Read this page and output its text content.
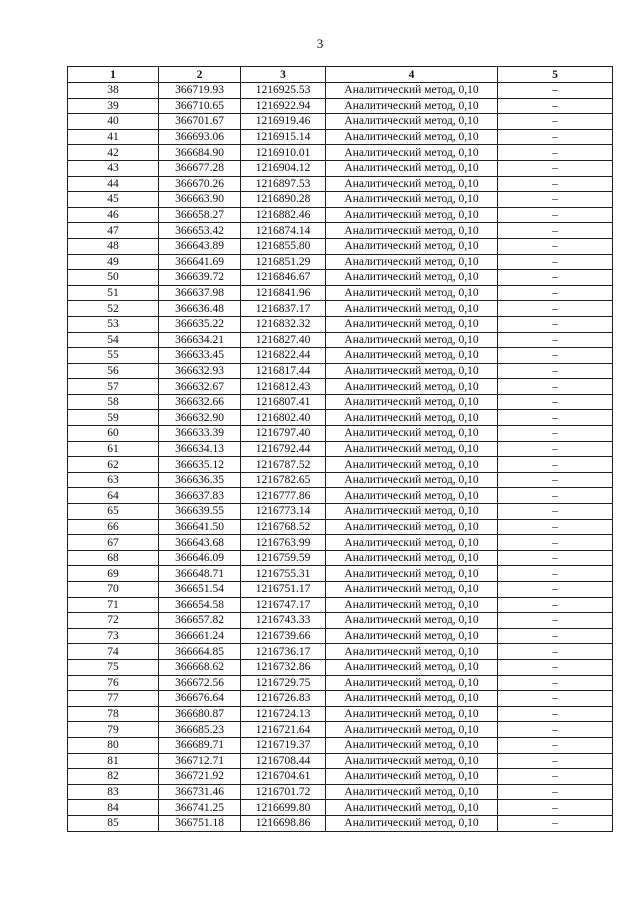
3
1	2	3	4	5
38	366719.93	1216925.53	Аналитический метод, 0,10	–
39	366710.65	1216922.94	Аналитический метод, 0,10	–
40	366701.67	1216919.46	Аналитический метод, 0,10	–
41	366693.06	1216915.14	Аналитический метод, 0,10	–
42	366684.90	1216910.01	Аналитический метод, 0,10	–
43	366677.28	1216904.12	Аналитический метод, 0,10	–
44	366670.26	1216897.53	Аналитический метод, 0,10	–
45	366663.90	1216890.28	Аналитический метод, 0,10	–
46	366658.27	1216882.46	Аналитический метод, 0,10	–
47	366653.42	1216874.14	Аналитический метод, 0,10	–
48	366643.89	1216855.80	Аналитический метод, 0,10	–
49	366641.69	1216851.29	Аналитический метод, 0,10	–
50	366639.72	1216846.67	Аналитический метод, 0,10	–
51	366637.98	1216841.96	Аналитический метод, 0,10	–
52	366636.48	1216837.17	Аналитический метод, 0,10	–
53	366635.22	1216832.32	Аналитический метод, 0,10	–
54	366634.21	1216827.40	Аналитический метод, 0,10	–
55	366633.45	1216822.44	Аналитический метод, 0,10	–
56	366632.93	1216817.44	Аналитический метод, 0,10	–
57	366632.67	1216812.43	Аналитический метод, 0,10	–
58	366632.66	1216807.41	Аналитический метод, 0,10	–
59	366632.90	1216802.40	Аналитический метод, 0,10	–
60	366633.39	1216797.40	Аналитический метод, 0,10	–
61	366634.13	1216792.44	Аналитический метод, 0,10	–
62	366635.12	1216787.52	Аналитический метод, 0,10	–
63	366636.35	1216782.65	Аналитический метод, 0,10	–
64	366637.83	1216777.86	Аналитический метод, 0,10	–
65	366639.55	1216773.14	Аналитический метод, 0,10	–
66	366641.50	1216768.52	Аналитический метод, 0,10	–
67	366643.68	1216763.99	Аналитический метод, 0,10	–
68	366646.09	1216759.59	Аналитический метод, 0,10	–
69	366648.71	1216755.31	Аналитический метод, 0,10	–
70	366651.54	1216751.17	Аналитический метод, 0,10	–
71	366654.58	1216747.17	Аналитический метод, 0,10	–
72	366657.82	1216743.33	Аналитический метод, 0,10	–
73	366661.24	1216739.66	Аналитический метод, 0,10	–
74	366664.85	1216736.17	Аналитический метод, 0,10	–
75	366668.62	1216732.86	Аналитический метод, 0,10	–
76	366672.56	1216729.75	Аналитический метод, 0,10	–
77	366676.64	1216726.83	Аналитический метод, 0,10	–
78	366680.87	1216724.13	Аналитический метод, 0,10	–
79	366685.23	1216721.64	Аналитический метод, 0,10	–
80	366689.71	1216719.37	Аналитический метод, 0,10	–
81	366712.71	1216708.44	Аналитический метод, 0,10	–
82	366721.92	1216704.61	Аналитический метод, 0,10	–
83	366731.46	1216701.72	Аналитический метод, 0,10	–
84	366741.25	1216699.80	Аналитический метод, 0,10	–
85	366751.18	1216698.86	Аналитический метод, 0,10	–
